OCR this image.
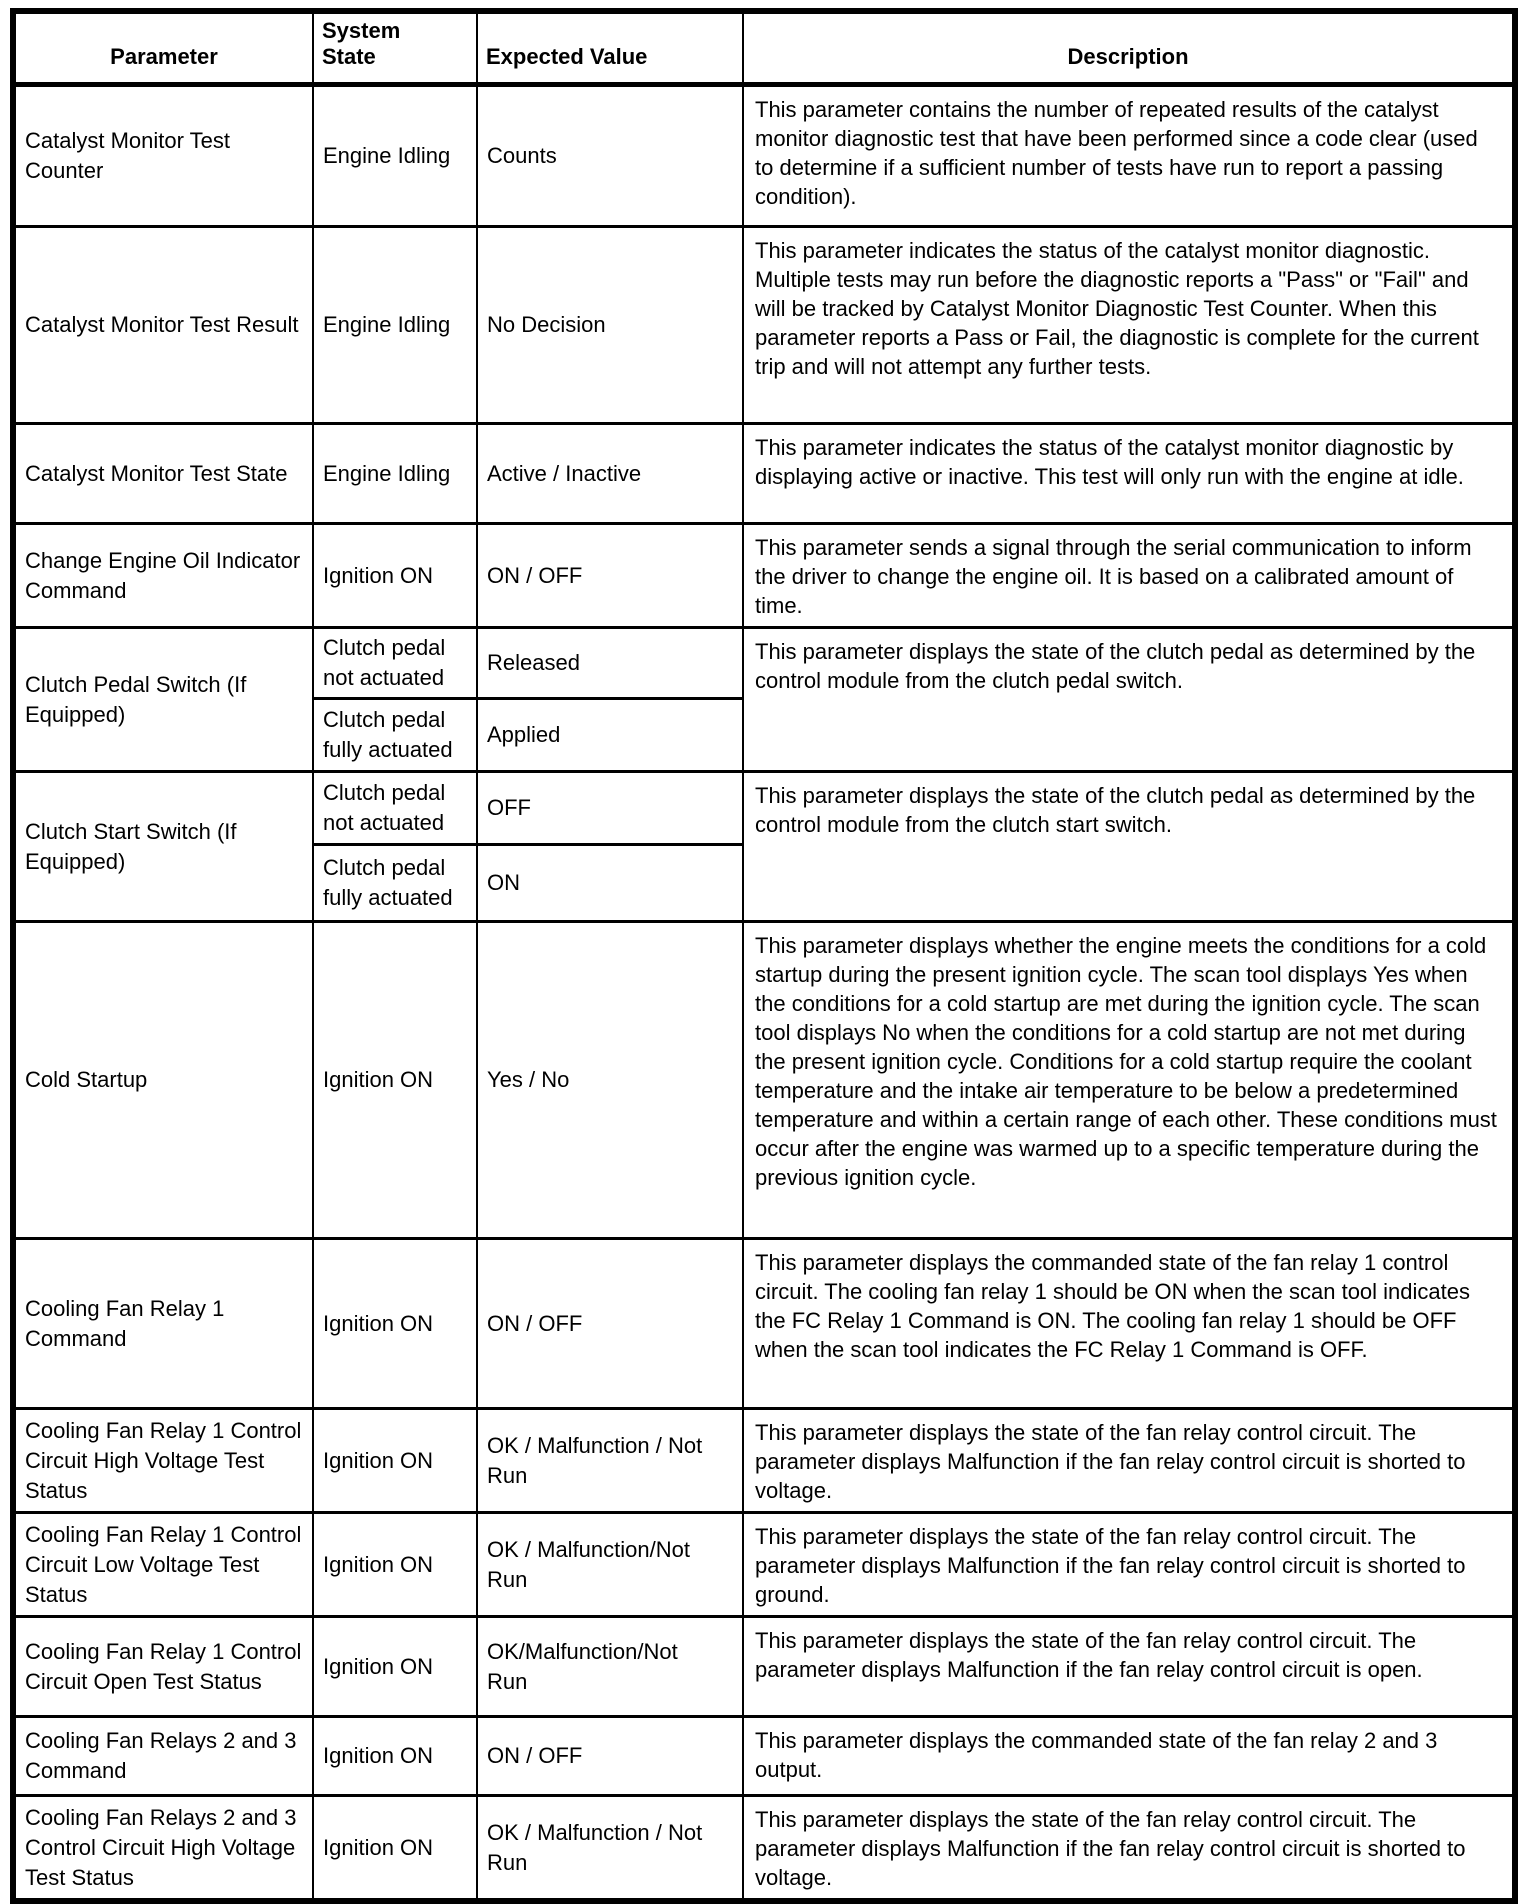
Parameter	System State	Expected Value	Description
Catalyst Monitor Test Counter	Engine Idling	Counts	This parameter contains the number of repeated results of the catalyst monitor diagnostic test that have been performed since a code clear (used to determine if a sufficient number of tests have run to report a passing condition).
Catalyst Monitor Test Result	Engine Idling	No Decision	This parameter indicates the status of the catalyst monitor diagnostic. Multiple tests may run before the diagnostic reports a "Pass" or "Fail" and will be tracked by Catalyst Monitor Diagnostic Test Counter. When this parameter reports a Pass or Fail, the diagnostic is complete for the current trip and will not attempt any further tests.
Catalyst Monitor Test State	Engine Idling	Active / Inactive	This parameter indicates the status of the catalyst monitor diagnostic by displaying active or inactive. This test will only run with the engine at idle.
Change Engine Oil Indicator Command	Ignition ON	ON / OFF	This parameter sends a signal through the serial communication to inform the driver to change the engine oil. It is based on a calibrated amount of time.
Clutch Pedal Switch (If Equipped)	Clutch pedal not actuated	Released	This parameter displays the state of the clutch pedal as determined by the control module from the clutch pedal switch.
	Clutch pedal fully actuated	Applied	
Clutch Start Switch (If Equipped)	Clutch pedal not actuated	OFF	This parameter displays the state of the clutch pedal as determined by the control module from the clutch start switch.
	Clutch pedal fully actuated	ON	
Cold Startup	Ignition ON	Yes / No	This parameter displays whether the engine meets the conditions for a cold startup during the present ignition cycle. The scan tool displays Yes when the conditions for a cold startup are met during the ignition cycle. The scan tool displays No when the conditions for a cold startup are not met during the present ignition cycle. Conditions for a cold startup require the coolant temperature and the intake air temperature to be below a predetermined temperature and within a certain range of each other. These conditions must occur after the engine was warmed up to a specific temperature during the previous ignition cycle.
Cooling Fan Relay 1 Command	Ignition ON	ON / OFF	This parameter displays the commanded state of the fan relay 1 control circuit. The cooling fan relay 1 should be ON when the scan tool indicates the FC Relay 1 Command is ON. The cooling fan relay 1 should be OFF when the scan tool indicates the FC Relay 1 Command is OFF.
Cooling Fan Relay 1 Control Circuit High Voltage Test Status	Ignition ON	OK / Malfunction / Not Run	This parameter displays the state of the fan relay control circuit. The parameter displays Malfunction if the fan relay control circuit is shorted to voltage.
Cooling Fan Relay 1 Control Circuit Low Voltage Test Status	Ignition ON	OK / Malfunction/Not Run	This parameter displays the state of the fan relay control circuit. The parameter displays Malfunction if the fan relay control circuit is shorted to ground.
Cooling Fan Relay 1 Control Circuit Open Test Status	Ignition ON	OK/Malfunction/Not Run	This parameter displays the state of the fan relay control circuit. The parameter displays Malfunction if the fan relay control circuit is open.
Cooling Fan Relays 2 and 3 Command	Ignition ON	ON / OFF	This parameter displays the commanded state of the fan relay 2 and 3 output.
Cooling Fan Relays 2 and 3 Control Circuit High Voltage Test Status	Ignition ON	OK / Malfunction / Not Run	This parameter displays the state of the fan relay control circuit. The parameter displays Malfunction if the fan relay control circuit is shorted to voltage.
